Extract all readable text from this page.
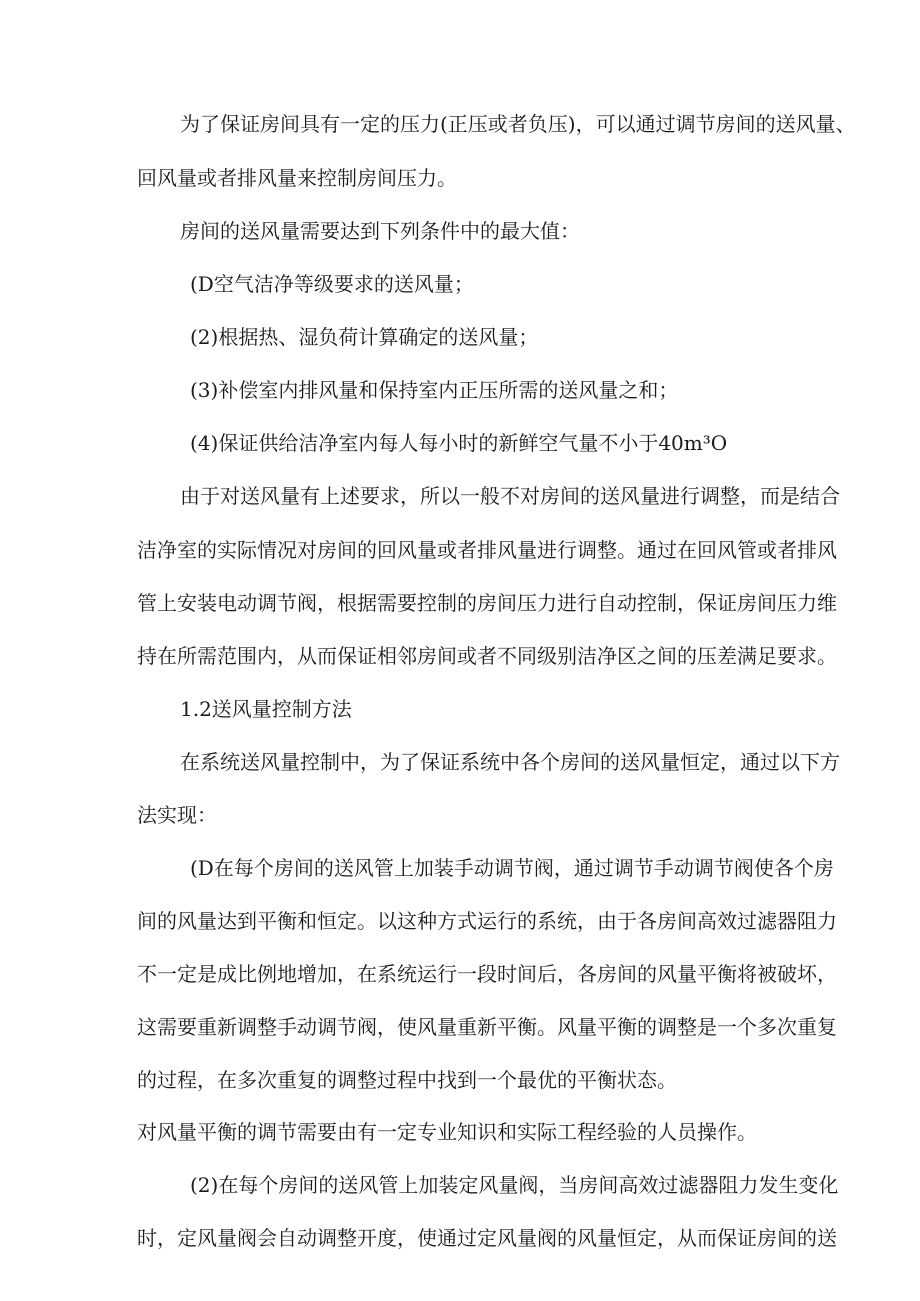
为了保证房间具有一定的压力(正压或者负压)，可以通过调节房间的送风量、

回风量或者排风量来控制房间压力。

房间的送风量需要达到下列条件中的最大值：

(D空气洁净等级要求的送风量；

(2)根据热、湿负荷计算确定的送风量；

(3)补偿室内排风量和保持室内正压所需的送风量之和；

(4)保证供给洁净室内每人每小时的新鲜空气量不小于40m³O

由于对送风量有上述要求，所以一般不对房间的送风量进行调整，而是结合

洁净室的实际情况对房间的回风量或者排风量进行调整。通过在回风管或者排风

管上安装电动调节阀，根据需要控制的房间压力进行自动控制，保证房间压力维

持在所需范围内，从而保证相邻房间或者不同级别洁净区之间的压差满足要求。

1.2送风量控制方法

在系统送风量控制中，为了保证系统中各个房间的送风量恒定，通过以下方

法实现：

(D在每个房间的送风管上加装手动调节阀，通过调节手动调节阀使各个房

间的风量达到平衡和恒定。以这种方式运行的系统，由于各房间高效过滤器阻力

不一定是成比例地增加，在系统运行一段时间后，各房间的风量平衡将被破坏，

这需要重新调整手动调节阀，使风量重新平衡。风量平衡的调整是一个多次重复

的过程，在多次重复的调整过程中找到一个最优的平衡状态。

对风量平衡的调节需要由有一定专业知识和实际工程经验的人员操作。

(2)在每个房间的送风管上加装定风量阀，当房间高效过滤器阻力发生变化

时，定风量阀会自动调整开度，使通过定风量阀的风量恒定，从而保证房间的送
